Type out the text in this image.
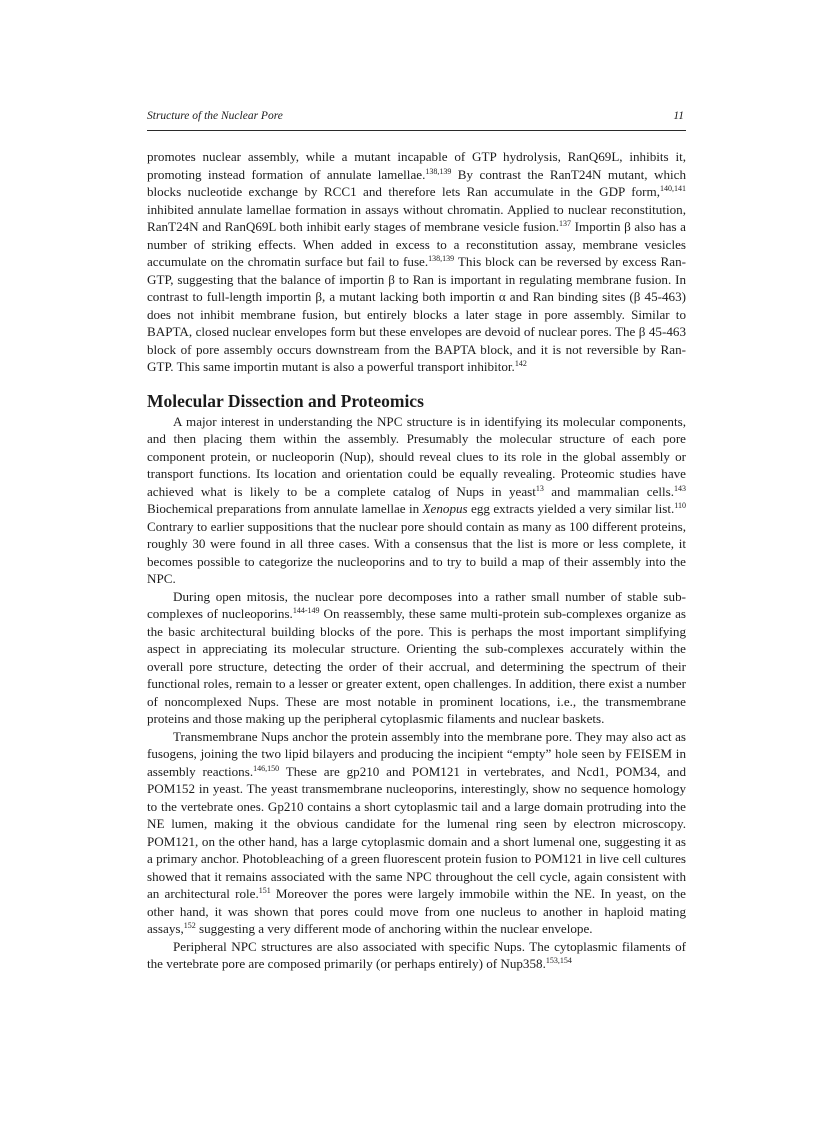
Structure of the Nuclear Pore	11

promotes nuclear assembly, while a mutant incapable of GTP hydrolysis, RanQ69L, inhibits it, promoting instead formation of annulate lamellae.$^{138,139}$ By contrast the RanT24N mutant, which blocks nucleotide exchange by RCC1 and therefore lets Ran accumulate in the GDP form,$^{140,141}$ inhibited annulate lamellae formation in assays without chromatin. Applied to nuclear reconstitution, RanT24N and RanQ69L both inhibit early stages of membrane vesicle fusion.$^{137}$ Importin β also has a number of striking effects. When added in excess to a reconstitution assay, membrane vesicles accumulate on the chromatin surface but fail to fuse.$^{138,139}$ This block can be reversed by excess Ran-GTP, suggesting that the balance of importin β to Ran is important in regulating membrane fusion. In contrast to full-length importin β, a mutant lacking both importin α and Ran binding sites (β 45-463) does not inhibit membrane fusion, but entirely blocks a later stage in pore assembly. Similar to BAPTA, closed nuclear envelopes form but these envelopes are devoid of nuclear pores. The β 45-463 block of pore assembly occurs downstream from the BAPTA block, and it is not reversible by Ran-GTP. This same importin mutant is also a powerful transport inhibitor.$^{142}$

Molecular Dissection and Proteomics

A major interest in understanding the NPC structure is in identifying its molecular components, and then placing them within the assembly. Presumably the molecular structure of each pore component protein, or nucleoporin (Nup), should reveal clues to its role in the global assembly or transport functions. Its location and orientation could be equally revealing. Proteomic studies have achieved what is likely to be a complete catalog of Nups in yeast$^{13}$ and mammalian cells.$^{143}$ Biochemical preparations from annulate lamellae in Xenopus egg extracts yielded a very similar list.$^{110}$ Contrary to earlier suppositions that the nuclear pore should contain as many as 100 different proteins, roughly 30 were found in all three cases. With a consensus that the list is more or less complete, it becomes possible to categorize the nucleoporins and to try to build a map of their assembly into the NPC.

During open mitosis, the nuclear pore decomposes into a rather small number of stable sub-complexes of nucleoporins.$^{144-149}$ On reassembly, these same multi-protein sub-complexes organize as the basic architectural building blocks of the pore. This is perhaps the most important simplifying aspect in appreciating its molecular structure. Orienting the sub-complexes accurately within the overall pore structure, detecting the order of their accrual, and determining the spectrum of their functional roles, remain to a lesser or greater extent, open challenges. In addition, there exist a number of noncomplexed Nups. These are most notable in prominent locations, i.e., the transmembrane proteins and those making up the peripheral cytoplasmic filaments and nuclear baskets.

Transmembrane Nups anchor the protein assembly into the membrane pore. They may also act as fusogens, joining the two lipid bilayers and producing the incipient “empty” hole seen by FEISEM in assembly reactions.$^{146,150}$ These are gp210 and POM121 in vertebrates, and Ncd1, POM34, and POM152 in yeast. The yeast transmembrane nucleoporins, interestingly, show no sequence homology to the vertebrate ones. Gp210 contains a short cytoplasmic tail and a large domain protruding into the NE lumen, making it the obvious candidate for the lumenal ring seen by electron microscopy. POM121, on the other hand, has a large cytoplasmic domain and a short lumenal one, suggesting it as a primary anchor. Photobleaching of a green fluorescent protein fusion to POM121 in live cell cultures showed that it remains associated with the same NPC throughout the cell cycle, again consistent with an architectural role.$^{151}$ Moreover the pores were largely immobile within the NE. In yeast, on the other hand, it was shown that pores could move from one nucleus to another in haploid mating assays,$^{152}$ suggesting a very different mode of anchoring within the nuclear envelope.

Peripheral NPC structures are also associated with specific Nups. The cytoplasmic filaments of the vertebrate pore are composed primarily (or perhaps entirely) of Nup358.$^{153,154}$
